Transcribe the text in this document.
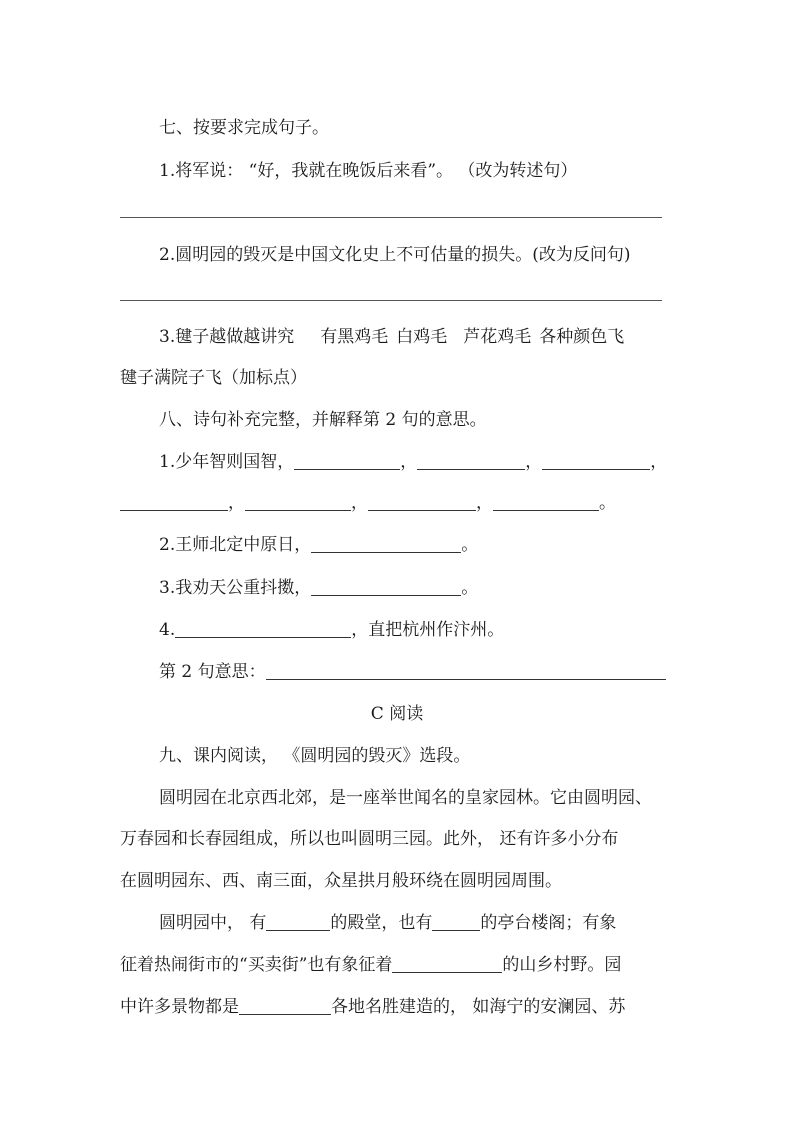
七、按要求完成句子。
1.将军说： “好，我就在晚饭后来看”。 （改为转述句）
2.圆明园的毁灭是中国文化史上不可估量的损失。(改为反问句)
3.毽子越做越讲究 有黑鸡毛 白鸡毛 芦花鸡毛 各种颜色飞
毽子满院子飞（加标点）
八、诗句补充完整，并解释第 2 句的意思。
1.少年智则国智，	，	，	，
，	，	，	。
2.王师北定中原日，	。
3.我劝天公重抖擞，	。
4.	，直把杭州作汴州。
第 2 句意思：
C 阅读
九、课内阅读， 《圆明园的毁灭》选段。
圆明园在北京西北郊，是一座举世闻名的皇家园林。它由圆明园、
万春园和长春园组成，所以也叫圆明三园。此外， 还有许多小分布
在圆明园东、西、南三面，众星拱月般环绕在圆明园周围。
圆明园中， 有	的殿堂，也有	的亭台楼阁；有象
征着热闹街市的“买卖街”也有象征着	的山乡村野。园
中许多景物都是	各地名胜建造的， 如海宁的安澜园、苏
